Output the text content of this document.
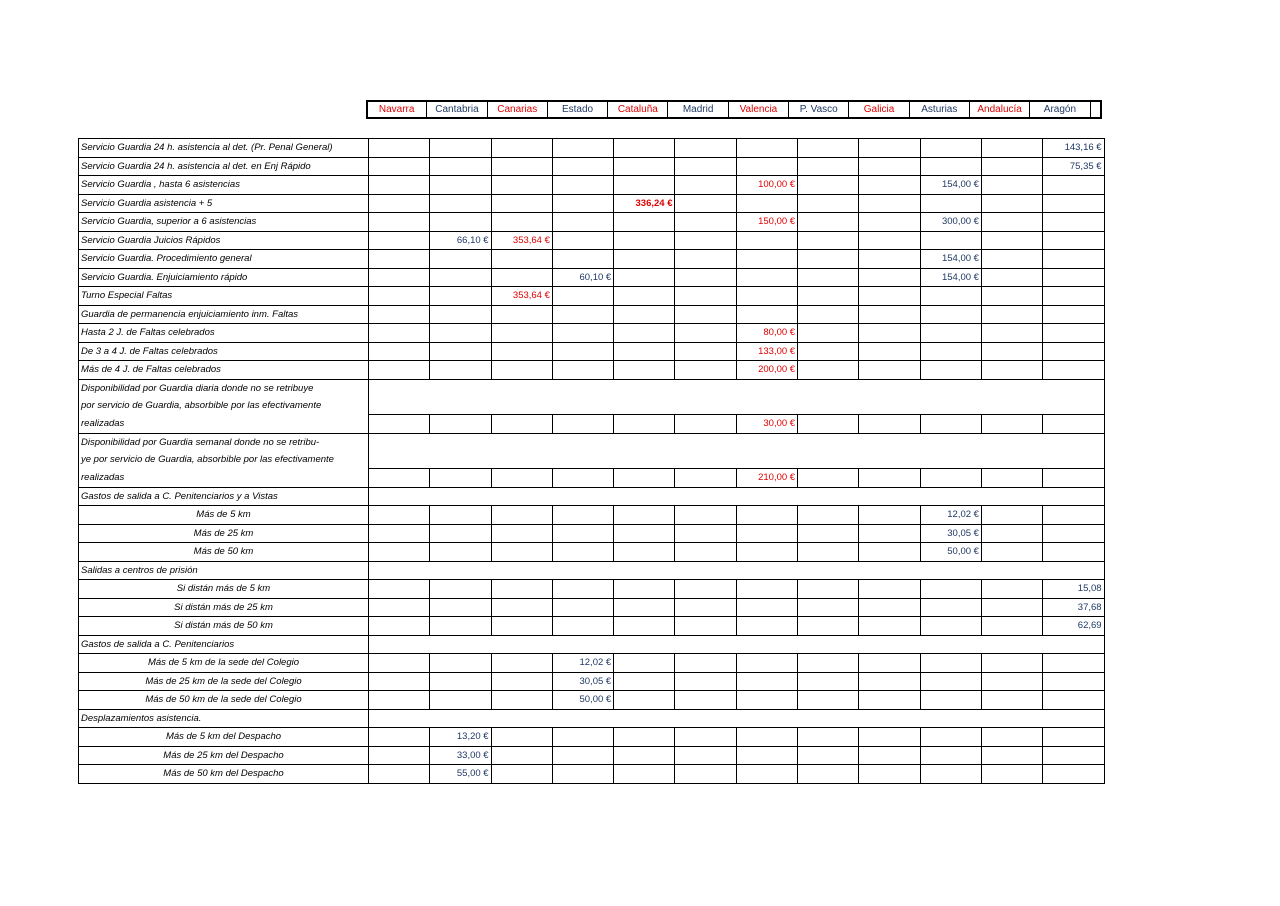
Navarra	Cantabria	Canarias	Estado	Cataluña	Madrid	Valencia	P. Vasco	Galicia	Asturias	Andalucía	Aragón
Servicio Guardia 24 h. asistencia al det. (Pr. Penal General)												143,16 €
Servicio Guardia 24 h. asistencia al det. en Enj Rápido												75,35 €
Servicio Guardia , hasta 6 asistencias							100,00 €			154,00 €		
Servicio Guardia asistencia + 5					336,24 €							
Servicio Guardia, superior a 6 asistencias							150,00 €			300,00 €		
Servicio Guardia Juicios Rápidos		66,10 €	353,64 €									
Servicio Guardia. Procedimiento general										154,00 €		
Servicio Guardia. Enjuiciamiento rápido				60,10 €						154,00 €		
Turno Especial Faltas			353,64 €									
Guardia de permanencia enjuiciamiento inm. Faltas												
Hasta 2 J. de Faltas celebrados							80,00 €					
De 3 a 4 J. de Faltas celebrados							133,00 €					
Más de 4 J. de Faltas celebrados							200,00 €					
Disponibilidad por Guardia diaria donde no se retribuye												
por servicio de Guardia, absorbible por las efectivamente												
realizadas							30,00 €					
Disponibilidad por Guardia semanal donde no se retribu-												
ye por servicio de Guardia, absorbible por las efectivamente												
realizadas							210,00 €					
Gastos de salida a C. Penitenciarios y a Vistas												
Más de 5 km										12,02 €		
Más de 25 km										30,05 €		
Más de 50 km										50,00 €		
Salidas a centros de prisión												
Si distán más de 5 km												15,08
Si distán más de 25 km												37,68
Si distán más de 50 km												62,69
Gastos de salida a C. Penitenciarios												
Más de 5 km de la sede del Colegio				12,02 €								
Más de 25 km de la sede del Colegio				30,05 €								
Más de 50 km de la sede del Colegio				50,00 €								
Desplazamientos asistencia.												
Más de 5 km del Despacho		13,20 €										
Más de 25 km del Despacho		33,00 €										
Más de 50 km del Despacho		55,00 €										
